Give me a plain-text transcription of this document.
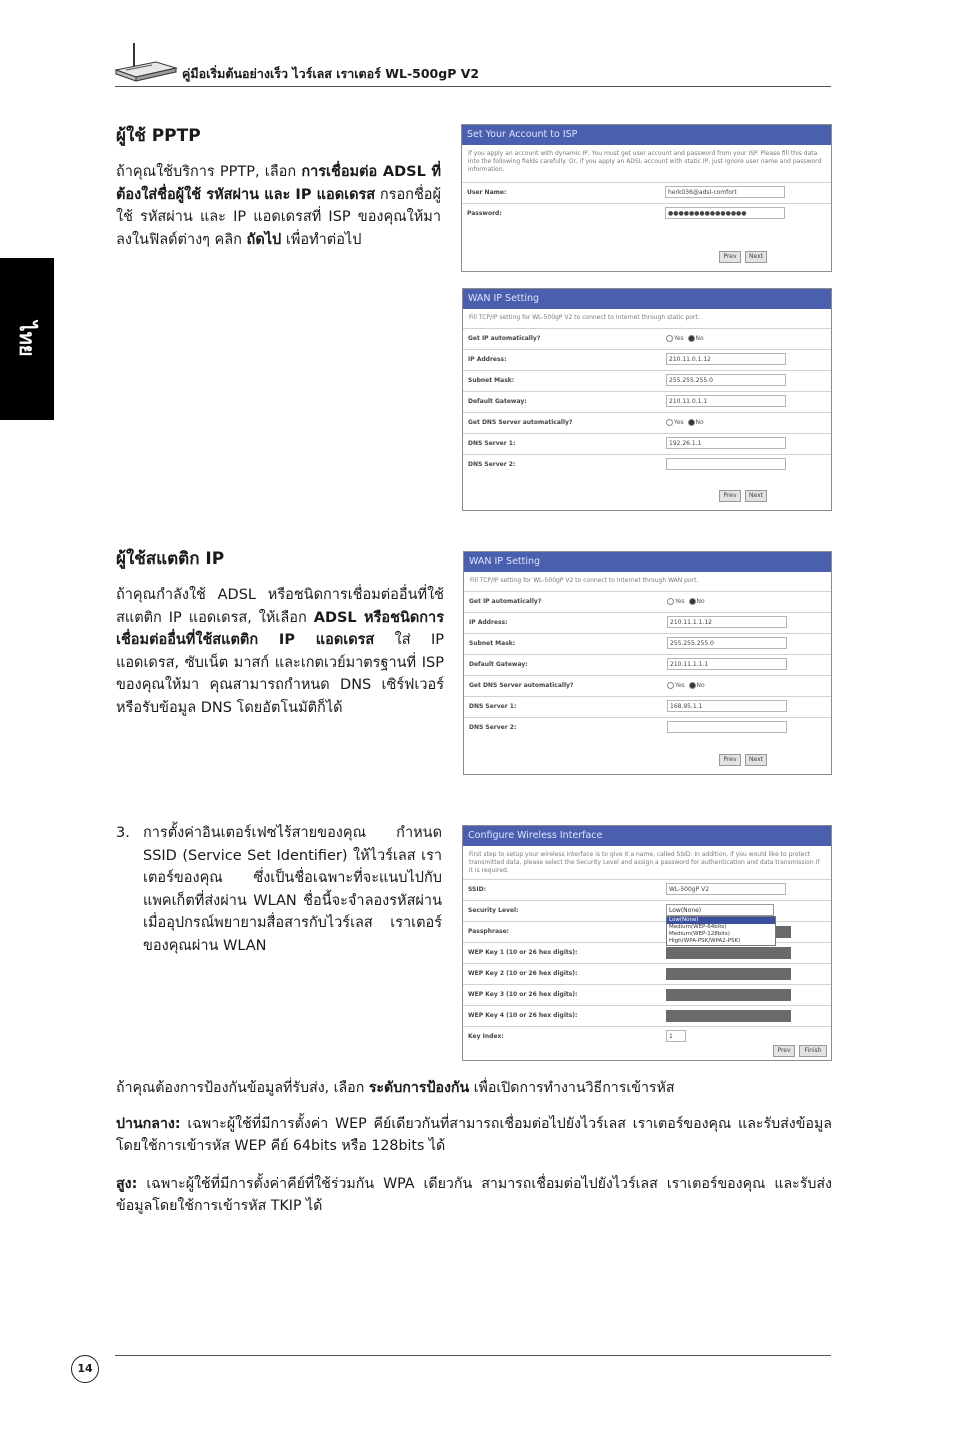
คู่มือเริ่มต้นอย่างเร็ว ไวร์เลส เราเตอร์ WL-500gP V2
ไทย
ผู้ใช้ PPTP
ถ้าคุณใช้บริการ PPTP, เลือก การเชื่อมต่อ ADSL ที่ต้องใส่ชื่อผู้ใช้ รหัสผ่าน และ IP แอดเดรส กรอกชื่อผู้ใช้ รหัสผ่าน และ IP แอดเดรสที่ ISP ของคุณให้มาลงในฟิลด์ต่างๆ คลิก ถัดไป เพื่อทำต่อไป
Set Your Account to ISP
If you apply an account with dynamic IP, You must get user account and password from your ISP. Please fill this data into the following fields carefully. Or, if you apply an ADSL account with static IP, just ignore user name and password information.
User Name:	herk036@adsl-comfort
Password:	●●●●●●●●●●●●●●●
Prev Next
WAN IP Setting
Fill TCP/IP setting for WL-500gP V2 to connect to Internet through static port.
Get IP automatically?	Yes No
IP Address:	210.11.0.1.12
Subnet Mask:	255.255.255.0
Default Gateway:	210.11.0.1.1
Get DNS Server automatically?	Yes No
DNS Server 1:	192.26.1.1
DNS Server 2:
Prev Next
ผู้ใช้สแตติก IP
ถ้าคุณกำลังใช้ ADSL หรือชนิดการเชื่อมต่ออื่นที่ใช้สแตติก IP แอดเดรส, ให้เลือก ADSL หรือชนิดการเชื่อมต่ออื่นที่ใช้สแตติก IP แอดเดรส ใส่ IP แอดเดรส, ซับเน็ต มาสก์ และเกตเวย์มาตรฐานที่ ISP ของคุณให้มา คุณสามารถกำหนด DNS เซิร์ฟเวอร์ หรือรับข้อมูล DNS โดยอัตโนมัติก็ได้
WAN IP Setting
Fill TCP/IP setting for WL-500gP V2 to connect to Internet through WAN port.
Get IP automatically?	Yes No
IP Address:	210.11.1.1.12
Subnet Mask:	255.255.255.0
Default Gateway:	210.11.1.1.1
Get DNS Server automatically?	Yes No
DNS Server 1:	168.95.1.1
DNS Server 2:
Prev Next
3. การตั้งค่าอินเตอร์เฟซไร้สายของคุณ กำหนด SSID (Service Set Identifier) ให้ไวร์เลส เราเตอร์ของคุณ ซึ่งเป็นชื่อเฉพาะที่จะแนบไปกับแพคเก็ตที่ส่งผ่าน WLAN ชื่อนี้จะจำลองรหัสผ่าน เมื่ออุปกรณ์พยายามสื่อสารกับไวร์เลส เราเตอร์ของคุณผ่าน WLAN
Configure Wireless Interface
First step to setup your wireless interface is to give it a name, called SSID. In addition, if you would like to protect transmitted data, please select the Security Level and assign a password for authentication and data transmission if it is required.
SSID:	WL-500gP V2
Security Level:	Low(None)
Low(None)
Medium(WEP-64bits)
Medium(WEP-128bits)
High(WPA-PSK/WPA2-PSK)
Passphrase:
WEP Key 1 (10 or 26 hex digits):
WEP Key 2 (10 or 26 hex digits):
WEP Key 3 (10 or 26 hex digits):
WEP Key 4 (10 or 26 hex digits):
Key Index:	1
Prev Finish
ถ้าคุณต้องการป้องกันข้อมูลที่รับส่ง, เลือก ระดับการป้องกัน เพื่อเปิดการทำงานวิธีการเข้ารหัส
ปานกลาง: เฉพาะผู้ใช้ที่มีการตั้งค่า WEP คีย์เดียวกันที่สามารถเชื่อมต่อไปยังไวร์เลส เราเตอร์ของคุณ และรับส่งข้อมูลโดยใช้การเข้ารหัส WEP คีย์ 64bits หรือ 128bits ได้
สูง: เฉพาะผู้ใช้ที่มีการตั้งค่าคีย์ที่ใช้ร่วมกัน WPA เดียวกัน สามารถเชื่อมต่อไปยังไวร์เลส เราเตอร์ของคุณ และรับส่งข้อมูลโดยใช้การเข้ารหัส TKIP ได้
14
